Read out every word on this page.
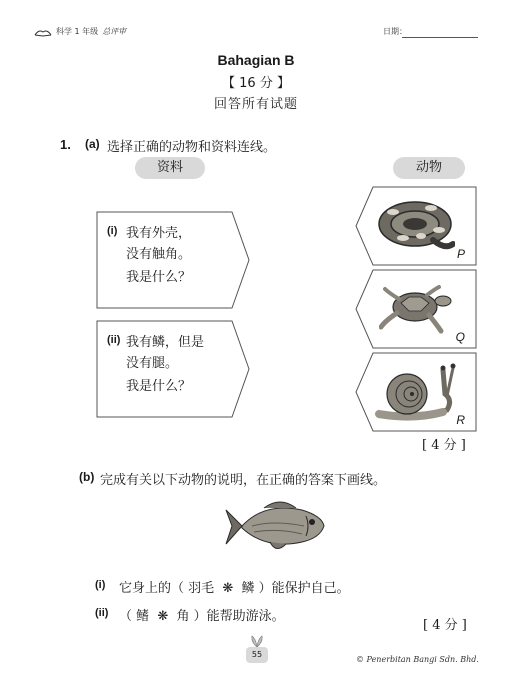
科学 1 年级 总评审	日期：
Bahagian B
【 16 分 】
回答所有试题
1. (a) 选择正确的动物和资料连线。
资料	动物
(i) 我有外壳，
没有触角。
我是什么？
(ii) 我有鳞，但是
没有腿。
我是什么？
P
Q
R
[ 4 分 ]
(b) 完成有关以下动物的说明，在正确的答案下画线。
(i) 它身上的（ 羽毛  ❋  鳞 ）能保护自己。
(ii) （ 鳍  ❋  角 ）能帮助游泳。
[ 4 分 ]
55
© Penerbitan Bangi Sdn. Bhd.
